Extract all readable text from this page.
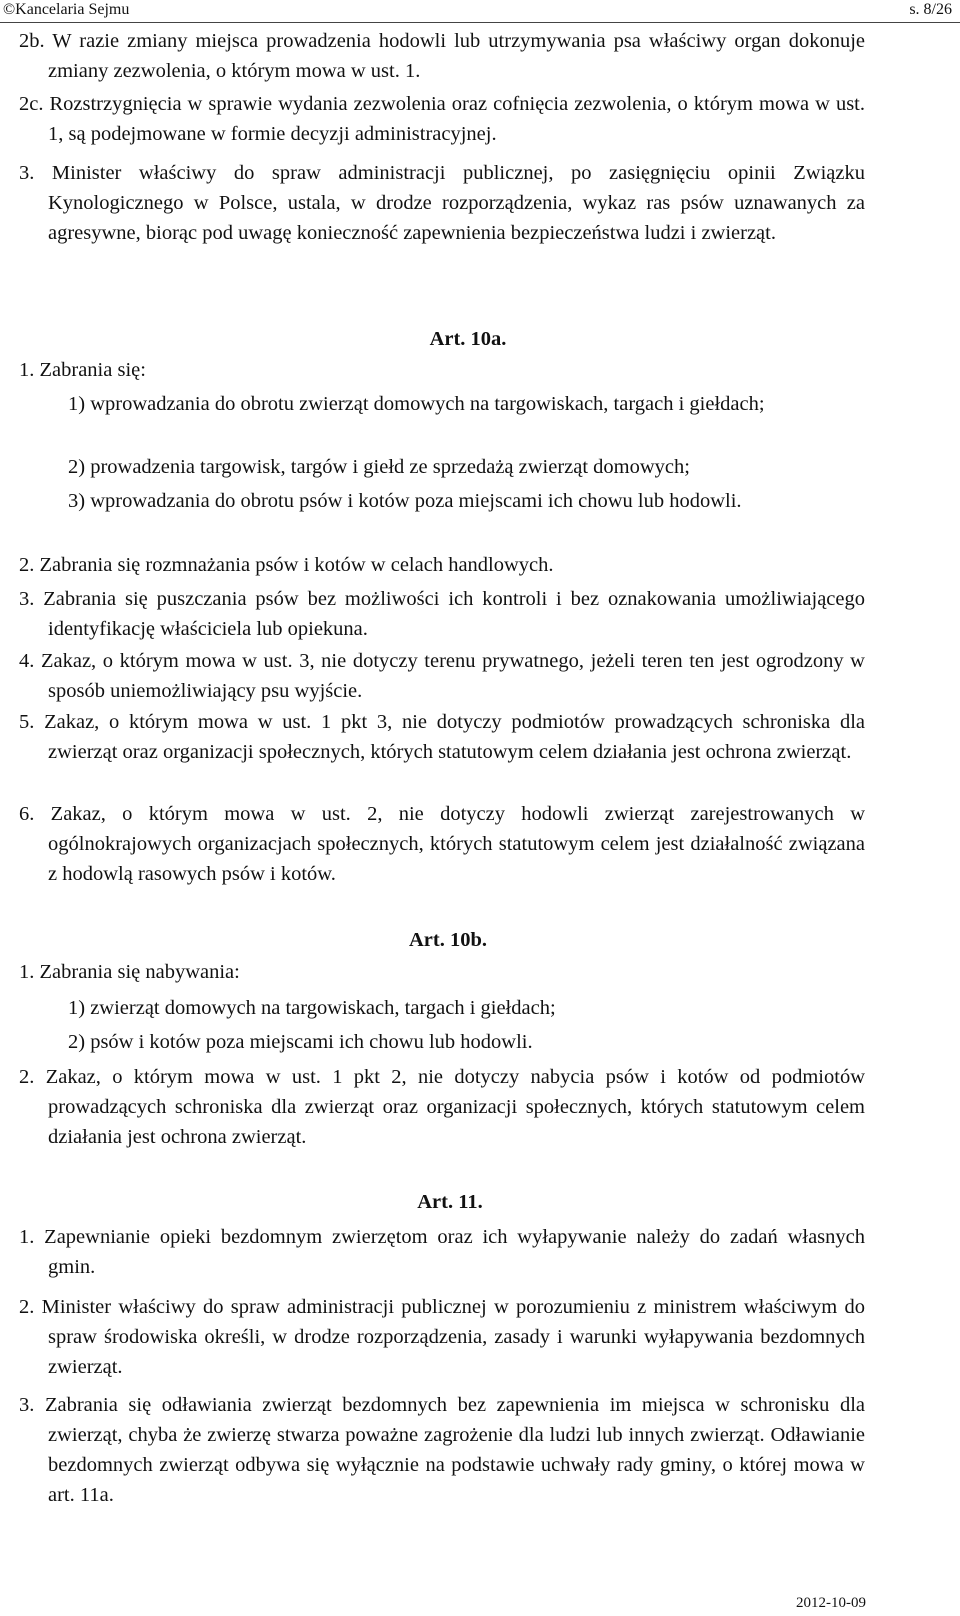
©Kancelaria Sejmu	s. 8/26

2b. W razie zmiany miejsca prowadzenia hodowli lub utrzymywania psa właściwy organ dokonuje zmiany zezwolenia, o którym mowa w ust. 1.

2c. Rozstrzygnięcia w sprawie wydania zezwolenia oraz cofnięcia zezwolenia, o którym mowa w ust. 1, są podejmowane w formie decyzji administracyjnej.

3. Minister właściwy do spraw administracji publicznej, po zasięgnięciu opinii Związku Kynologicznego w Polsce, ustala, w drodze rozporządzenia, wykaz ras psów uznawanych za agresywne, biorąc pod uwagę konieczność zapewnienia bezpieczeństwa ludzi i zwierząt.

Art. 10a.

1. Zabrania się:

1) wprowadzania do obrotu zwierząt domowych na targowiskach, targach i giełdach;

2) prowadzenia targowisk, targów i giełd ze sprzedażą zwierząt domowych;

3) wprowadzania do obrotu psów i kotów poza miejscami ich chowu lub hodowli.

2. Zabrania się rozmnażania psów i kotów w celach handlowych.

3. Zabrania się puszczania psów bez możliwości ich kontroli i bez oznakowania umożliwiającego identyfikację właściciela lub opiekuna.

4. Zakaz, o którym mowa w ust. 3, nie dotyczy terenu prywatnego, jeżeli teren ten jest ogrodzony w sposób uniemożliwiający psu wyjście.

5. Zakaz, o którym mowa w ust. 1 pkt 3, nie dotyczy podmiotów prowadzących schroniska dla zwierząt oraz organizacji społecznych, których statutowym celem działania jest ochrona zwierząt.

6. Zakaz, o którym mowa w ust. 2, nie dotyczy hodowli zwierząt zarejestrowanych w ogólnokrajowych organizacjach społecznych, których statutowym celem jest działalność związana z hodowlą rasowych psów i kotów.

Art. 10b.

1. Zabrania się nabywania:

1) zwierząt domowych na targowiskach, targach i giełdach;

2) psów i kotów poza miejscami ich chowu lub hodowli.

2. Zakaz, o którym mowa w ust. 1 pkt 2, nie dotyczy nabycia psów i kotów od podmiotów prowadzących schroniska dla zwierząt oraz organizacji społecznych, których statutowym celem działania jest ochrona zwierząt.

Art. 11.

1. Zapewnianie opieki bezdomnym zwierzętom oraz ich wyłapywanie należy do zadań własnych gmin.

2. Minister właściwy do spraw administracji publicznej w porozumieniu z ministrem właściwym do spraw środowiska określi, w drodze rozporządzenia, zasady i warunki wyłapywania bezdomnych zwierząt.

3. Zabrania się odławiania zwierząt bezdomnych bez zapewnienia im miejsca w schronisku dla zwierząt, chyba że zwierzę stwarza poważne zagrożenie dla ludzi lub innych zwierząt. Odławianie bezdomnych zwierząt odbywa się wyłącznie na podstawie uchwały rady gminy, o której mowa w art. 11a.

2012-10-09
